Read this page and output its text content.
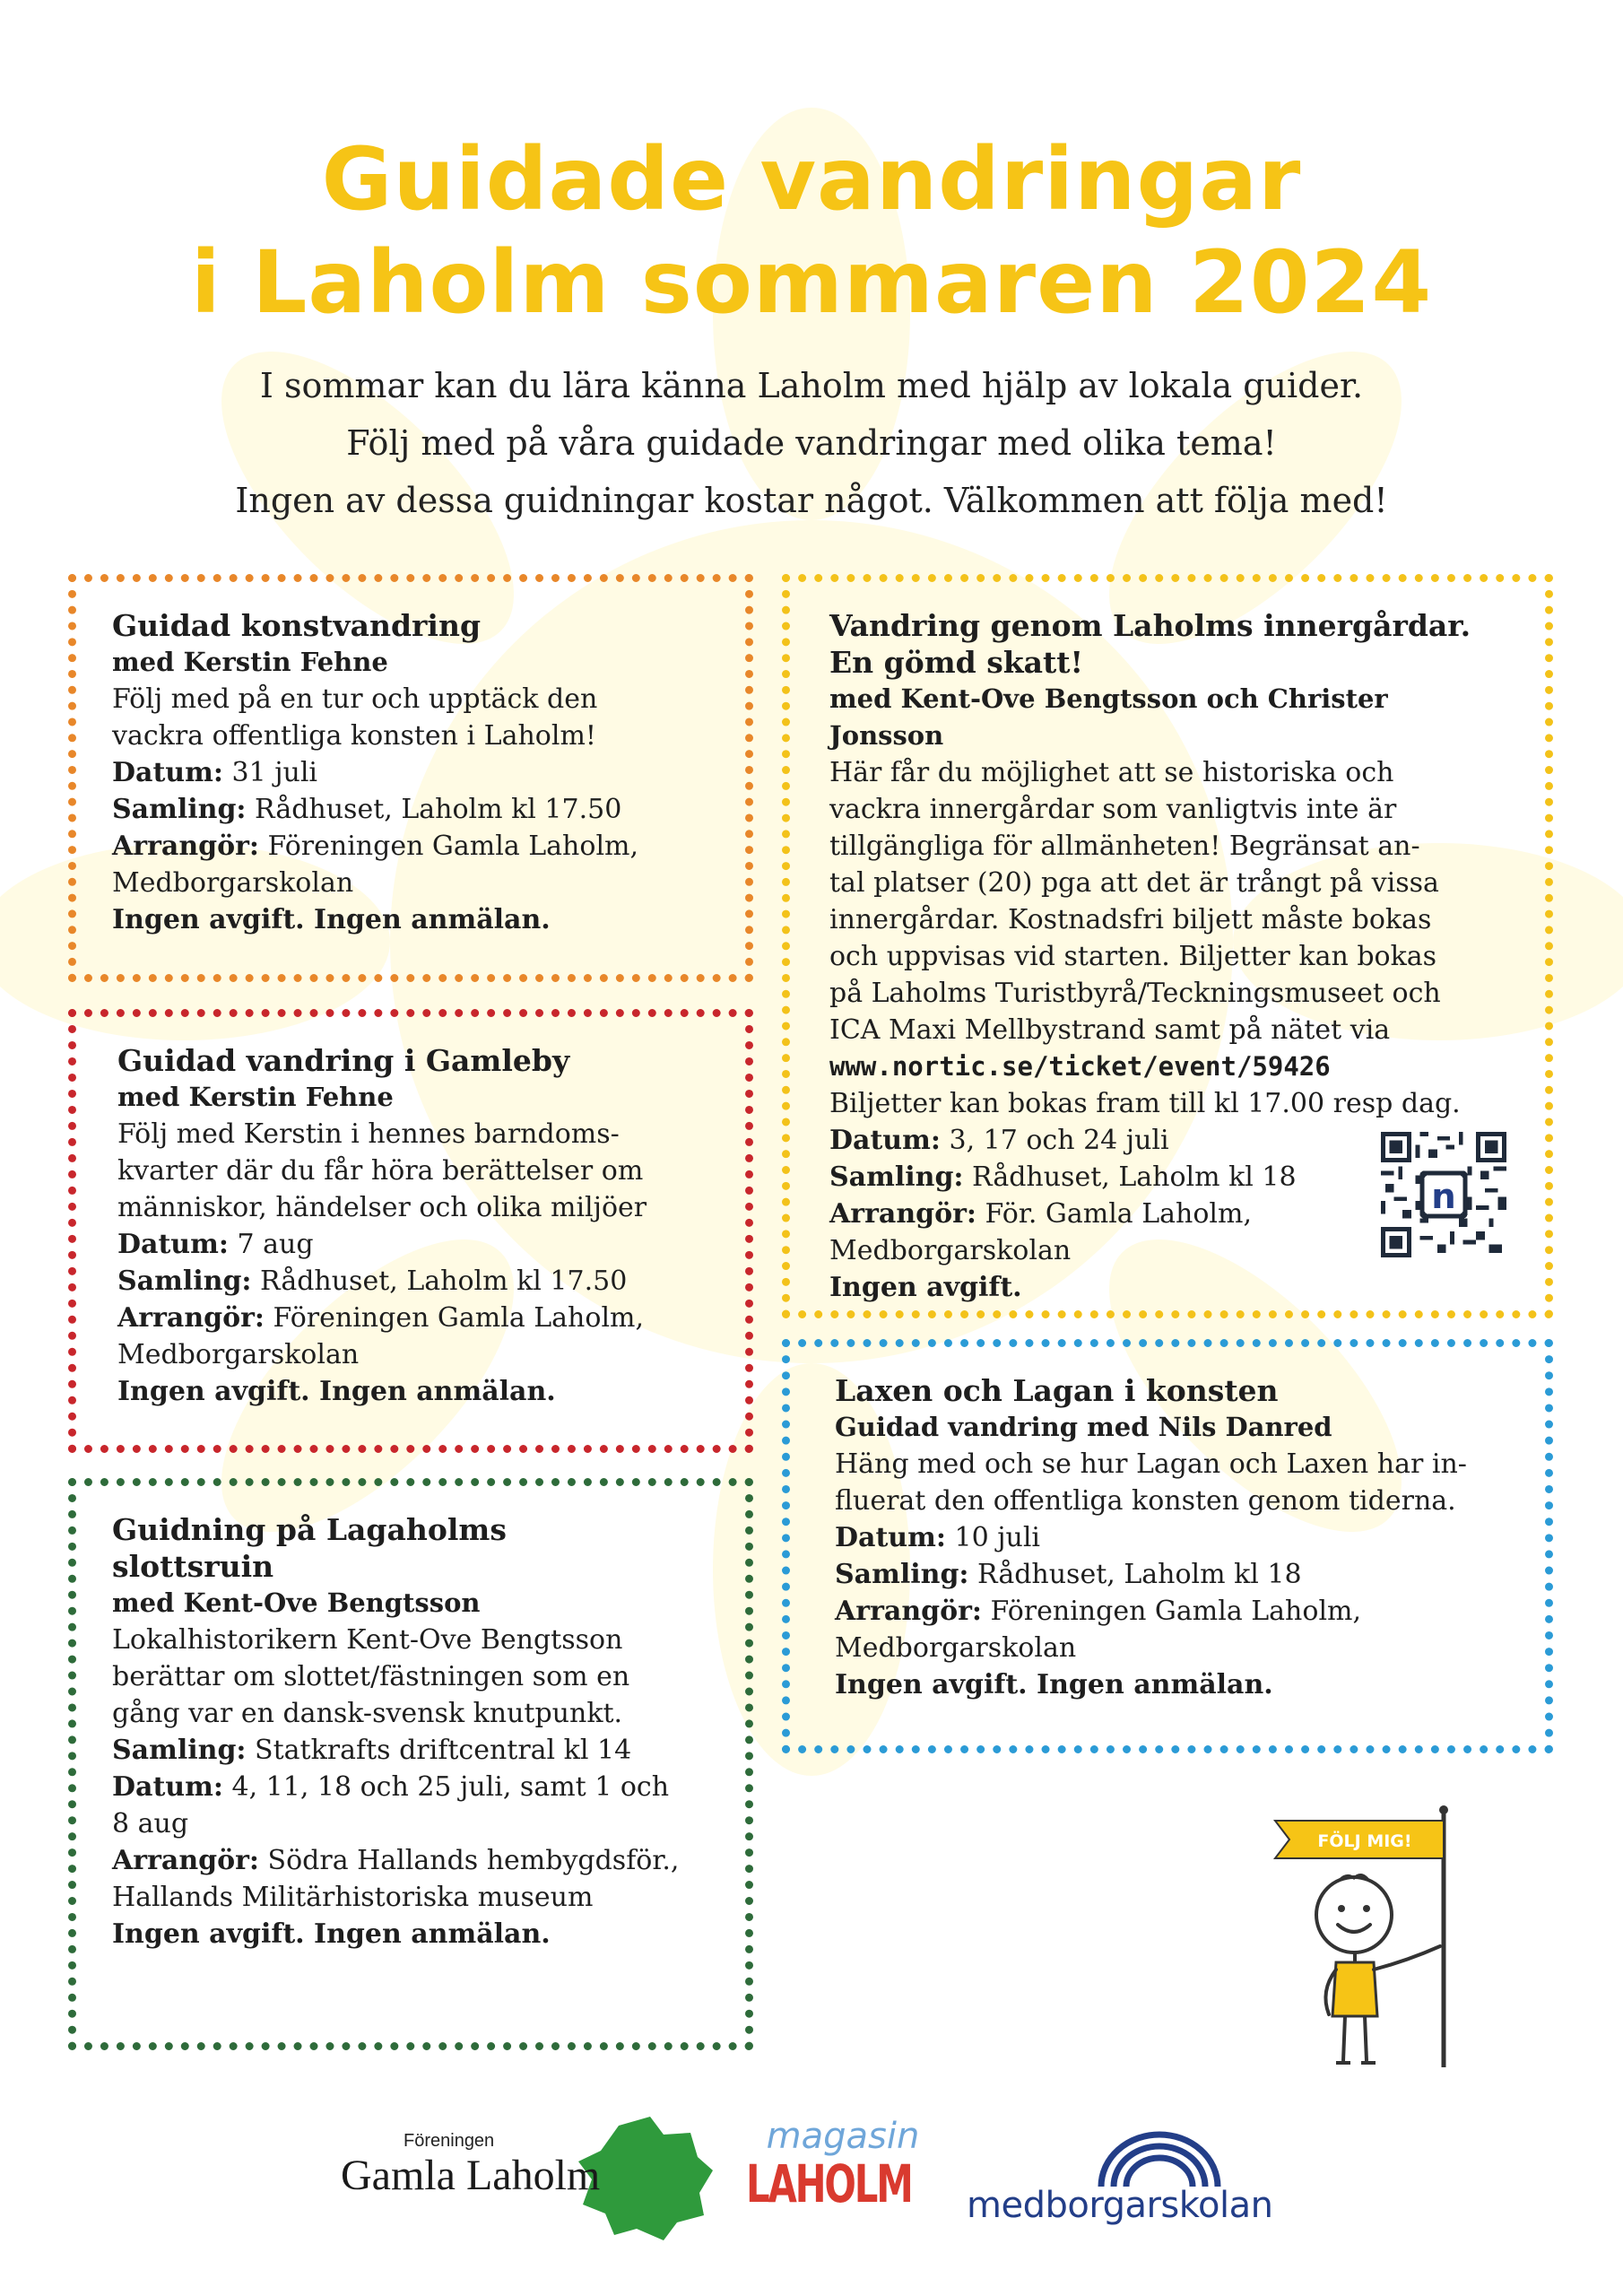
Guidade vandringar
i Laholm sommaren 2024
I sommar kan du lära känna Laholm med hjälp av lokala guider.
Följ med på våra guidade vandringar med olika tema!
Ingen av dessa guidningar kostar något. Välkommen att följa med!
Guidad konstvandring
med Kerstin Fehne
Följ med på en tur och upptäck den
vackra offentliga konsten i Laholm!
Datum: 31 juli
Samling: Rådhuset, Laholm kl 17.50
Arrangör: Föreningen Gamla Laholm,
Medborgarskolan
Ingen avgift. Ingen anmälan.
Guidad vandring i Gamleby
med Kerstin Fehne
Följ med Kerstin i hennes barndoms-
kvarter där du får höra berättelser om
människor, händelser och olika miljöer
Datum: 7 aug
Samling: Rådhuset, Laholm kl 17.50
Arrangör: Föreningen Gamla Laholm,
Medborgarskolan
Ingen avgift. Ingen anmälan.
Guidning på Lagaholms
slottsruin
med Kent-Ove Bengtsson
Lokalhistorikern Kent-Ove Bengtsson
berättar om slottet/fästningen som en
gång var en dansk-svensk knutpunkt.
Samling: Statkrafts driftcentral kl 14
Datum: 4, 11, 18 och 25 juli, samt 1 och
8 aug
Arrangör: Södra Hallands hembygdsför.,
Hallands Militärhistoriska museum
Ingen avgift. Ingen anmälan.
Vandring genom Laholms innergårdar.
En gömd skatt!
med Kent-Ove Bengtsson och Christer Jonsson
Här får du möjlighet att se historiska och
vackra innergårdar som vanligtvis inte är
tillgängliga för allmänheten! Begränsat an-
tal platser (20) pga att det är trångt på vissa
innergårdar. Kostnadsfri biljett måste bokas
och uppvisas vid starten. Biljetter kan bokas
på Laholms Turistbyrå/Teckningsmuseet och
ICA Maxi Mellbystrand samt på nätet via
www.nortic.se/ticket/event/59426
Biljetter kan bokas fram till kl 17.00 resp dag.
Datum: 3, 17 och 24 juli
Samling: Rådhuset, Laholm kl 18
Arrangör: För. Gamla Laholm,
Medborgarskolan
Ingen avgift.
n
Laxen och Lagan i konsten
Guidad vandring med Nils Danred
Häng med och se hur Lagan och Laxen har in-
fluerat den offentliga konsten genom tiderna.
Datum: 10 juli
Samling: Rådhuset, Laholm kl 18
Arrangör: Föreningen Gamla Laholm,
Medborgarskolan
Ingen avgift. Ingen anmälan.
FÖLJ MIG!
Föreningen
Gamla Laholm
magasin
LAHOLM	medborgarskolan
